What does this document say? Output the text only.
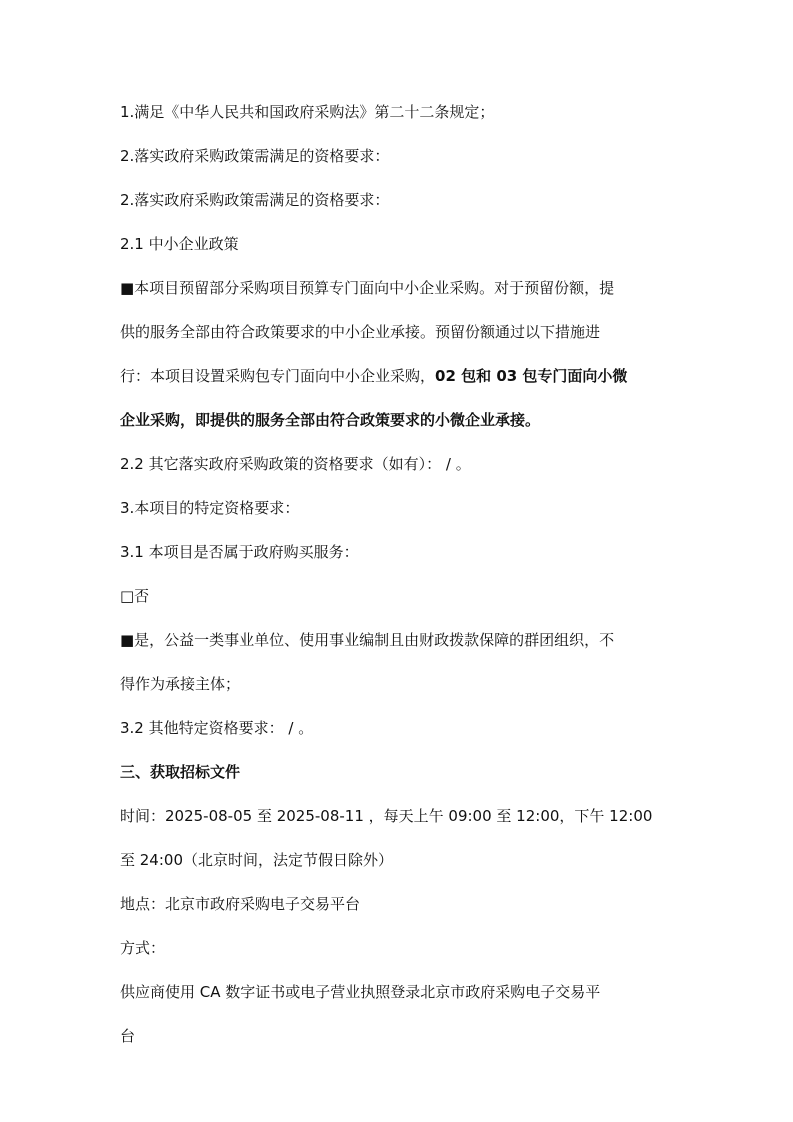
1.满足《中华人民共和国政府采购法》第二十二条规定；

2.落实政府采购政策需满足的资格要求：

2.落实政府采购政策需满足的资格要求：

2.1 中小企业政策

■本项目预留部分采购项目预算专门面向中小企业采购。对于预留份额，提
供的服务全部由符合政策要求的中小企业承接。预留份额通过以下措施进
行：本项目设置采购包专门面向中小企业采购，02 包和 03 包专门面向小微
企业采购，即提供的服务全部由符合政策要求的小微企业承接。

2.2 其它落实政府采购政策的资格要求（如有）： / 。

3.本项目的特定资格要求：

3.1 本项目是否属于政府购买服务：

□否

■是，公益一类事业单位、使用事业编制且由财政拨款保障的群团组织，不
得作为承接主体；

3.2 其他特定资格要求： / 。

三、获取招标文件

时间：2025-08-05 至 2025-08-11 ，每天上午 09:00 至 12:00，下午 12:00
至 24:00（北京时间，法定节假日除外）

地点：北京市政府采购电子交易平台

方式：

供应商使用 CA 数字证书或电子营业执照登录北京市政府采购电子交易平
台
